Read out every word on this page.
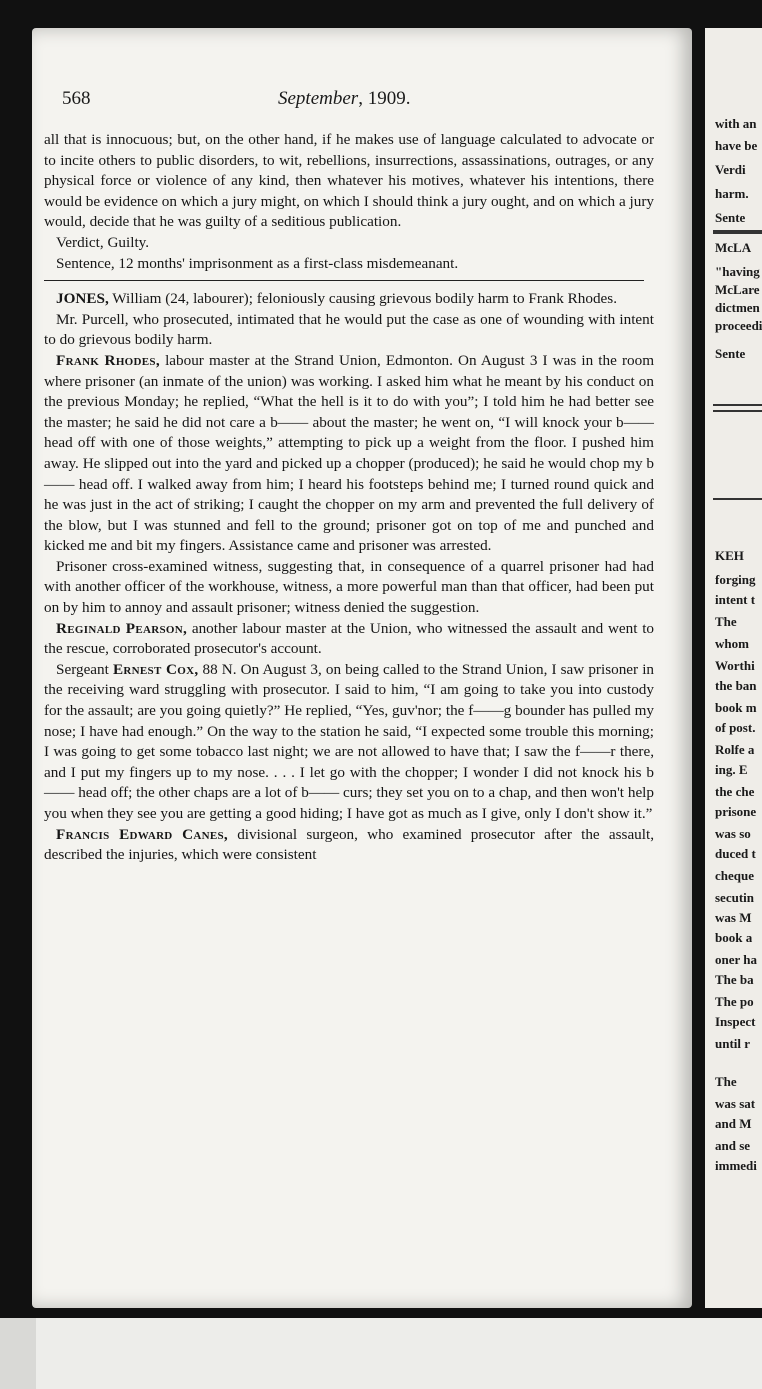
568	September, 1909.

all that is innocuous; but, on the other hand, if he makes use of language calculated to advocate or to incite others to public disorders, to wit, rebellions, insurrections, assassinations, outrages, or any physical force or violence of any kind, then whatever his motives, whatever his intentions, there would be evidence on which a jury might, on which I should think a jury ought, and on which a jury would, decide that he was guilty of a seditious publication.

Verdict, Guilty.

Sentence, 12 months' imprisonment as a first-class misdemeanant.

JONES, William (24, labourer); feloniously causing grievous bodily harm to Frank Rhodes.

Mr. Purcell, who prosecuted, intimated that he would put the case as one of wounding with intent to do grievous bodily harm.

Frank Rhodes, labour master at the Strand Union, Edmonton. On August 3 I was in the room where prisoner (an inmate of the union) was working. I asked him what he meant by his conduct on the previous Monday; he replied, “What the hell is it to do with you”; I told him he had better see the master; he said he did not care a b—— about the master; he went on, “I will knock your b—— head off with one of those weights,” attempting to pick up a weight from the floor. I pushed him away. He slipped out into the yard and picked up a chopper (produced); he said he would chop my b—— head off. I walked away from him; I heard his footsteps behind me; I turned round quick and he was just in the act of striking; I caught the chopper on my arm and prevented the full delivery of the blow, but I was stunned and fell to the ground; prisoner got on top of me and punched and kicked me and bit my fingers. Assistance came and prisoner was arrested.

Prisoner cross-examined witness, suggesting that, in consequence of a quarrel prisoner had had with another officer of the workhouse, witness, a more powerful man than that officer, had been put on by him to annoy and assault prisoner; witness denied the suggestion.

Reginald Pearson, another labour master at the Union, who witnessed the assault and went to the rescue, corroborated prosecutor's account.

Sergeant Ernest Cox, 88 N. On August 3, on being called to the Strand Union, I saw prisoner in the receiving ward struggling with prosecutor. I said to him, “I am going to take you into custody for the assault; are you going quietly?” He replied, “Yes, guv'nor; the f——g bounder has pulled my nose; I have had enough.” On the way to the station he said, “I expected some trouble this morning; I was going to get some tobacco last night; we are not allowed to have that; I saw the f——r there, and I put my fingers up to my nose. . . . I let go with the chopper; I wonder I did not knock his b—— head off; the other chaps are a lot of b—— curs; they set you on to a chap, and then won't help you when they see you are getting a good hiding; I have got as much as I give, only I don't show it.”

Francis Edward Canes, divisional surgeon, who examined prosecutor after the assault, described the injuries, which were consistent

with an
have be
Verdi
harm.
Sente
McLA
"having
McLare
dictmen
proceedi
Sente
KEH
forging
intent t
The
whom
Worthi
the ban
book m
of post.
Rolfe a
ing. E
the che
prisone
was so
duced t
cheque
secutin
was M
book a
oner ha
The ba
The po
Inspect
until r
The
was sat
and M
and se
immedi
